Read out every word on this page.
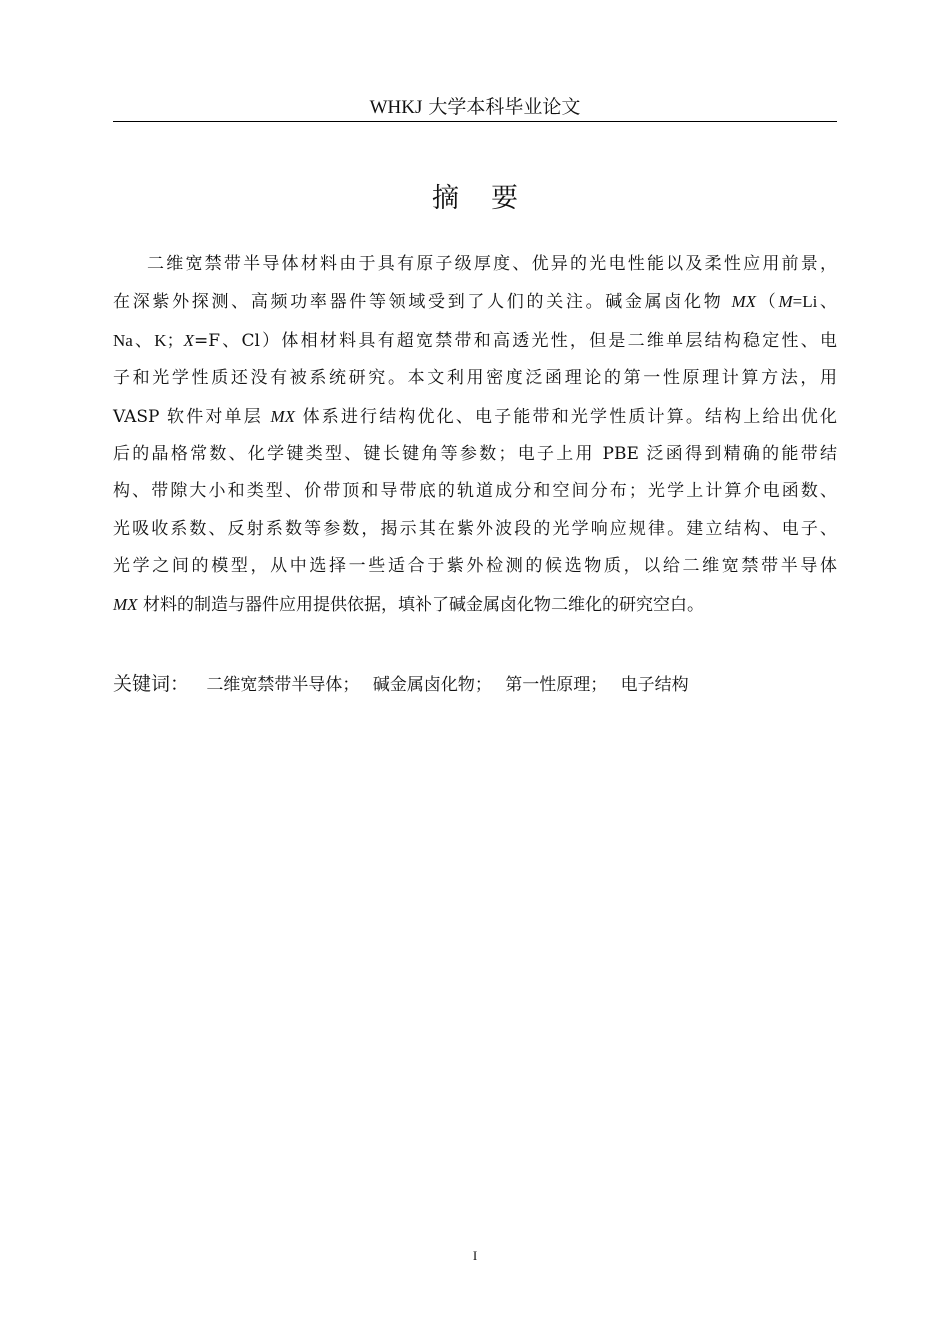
WHKJ 大学本科毕业论文
摘 要
二维宽禁带半导体材料由于具有原子级厚度、优异的光电性能以及柔性应用前景，
在深紫外探测、高频功率器件等领域受到了人们的关注。碱金属卤化物 MX（M=Li、
Na、K；X=F、Cl）体相材料具有超宽禁带和高透光性，但是二维单层结构稳定性、电
子和光学性质还没有被系统研究。本文利用密度泛函理论的第一性原理计算方法，用
VASP 软件对单层 MX 体系进行结构优化、电子能带和光学性质计算。结构上给出优化
后的晶格常数、化学键类型、键长键角等参数；电子上用 PBE 泛函得到精确的能带结
构、带隙大小和类型、价带顶和导带底的轨道成分和空间分布；光学上计算介电函数、
光吸收系数、反射系数等参数，揭示其在紫外波段的光学响应规律。建立结构、电子、
光学之间的模型，从中选择一些适合于紫外检测的候选物质，以给二维宽禁带半导体
MX 材料的制造与器件应用提供依据，填补了碱金属卤化物二维化的研究空白。
关键词： 二维宽禁带半导体； 碱金属卤化物； 第一性原理； 电子结构
I
